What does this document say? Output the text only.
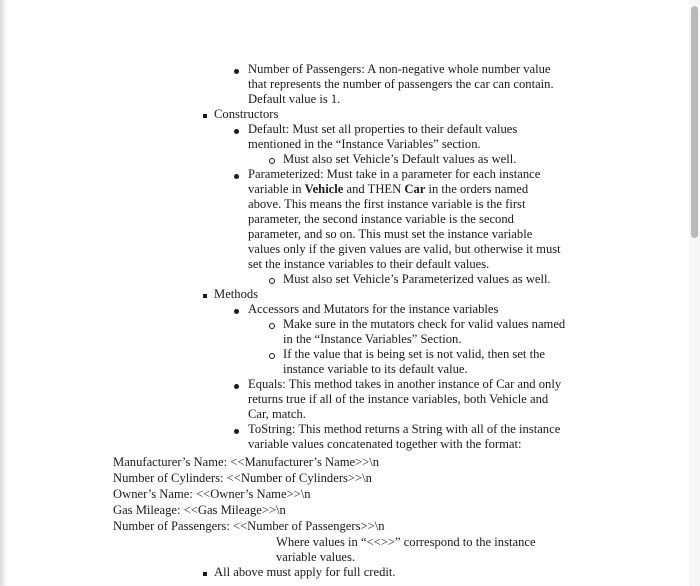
Number of Passengers: A non-negative whole number value
that represents the number of passengers the car can contain.
Default value is 1.
Constructors
Default: Must set all properties to their default values
mentioned in the “Instance Variables” section.
Must also set Vehicle’s Default values as well.
Parameterized: Must take in a parameter for each instance
variable in Vehicle and THEN Car in the orders named
above. This means the first instance variable is the first
parameter, the second instance variable is the second
parameter, and so on. This must set the instance variable
values only if the given values are valid, but otherwise it must
set the instance variables to their default values.
Must also set Vehicle’s Parameterized values as well.
Methods
Accessors and Mutators for the instance variables
Make sure in the mutators check for valid values named
in the “Instance Variables” Section.
If the value that is being set is not valid, then set the
instance variable to its default value.
Equals: This method takes in another instance of Car and only
returns true if all of the instance variables, both Vehicle and
Car, match.
ToString: This method returns a String with all of the instance
variable values concatenated together with the format:
Manufacturer’s Name: <<Manufacturer’s Name>>\n
Number of Cylinders: <<Number of Cylinders>>\n
Owner’s Name: <<Owner’s Name>>\n
Gas Mileage: <<Gas Mileage>>\n
Number of Passengers: <<Number of Passengers>>\n
Where values in “<<>>” correspond to the instance
variable values.
All above must apply for full credit.
